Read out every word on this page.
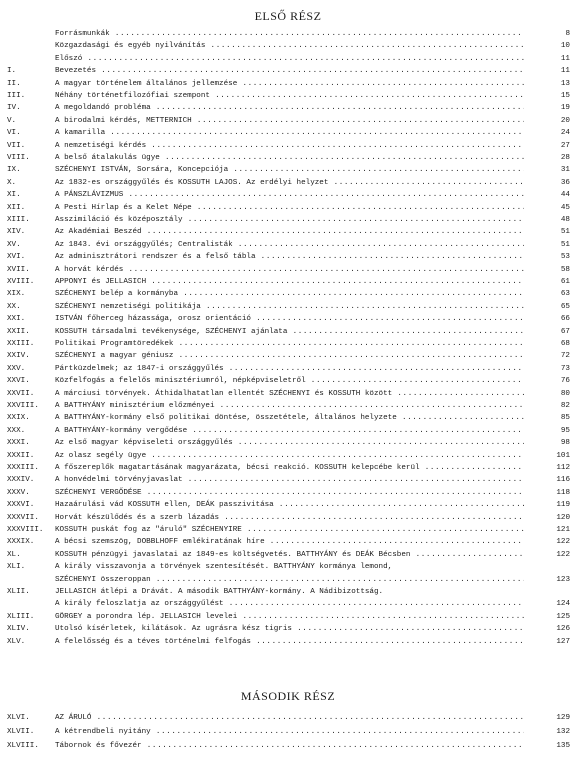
ELSŐ RÉSZ
Forrásmunkák .....	8
Közgazdasági és egyéb nyilvánítás .....	10
Előszó .....	11
I.	Bevezetés .....	11
II.	A magyar történelem általános jellemzése .....	13
III.	Néhány történetfilozófiai szempont .....	15
IV.	A megoldandó probléma .....	19
V.	A birodalmi kérdés, METTERNICH .....	20
VI.	A kamarilla .....	24
VII.	A nemzetiségi kérdés .....	27
VIII.	A belső átalakulás ügye .....	28
IX.	SZÉCHENYI ISTVÁN, Sorsára, Koncepciója .....	31
X.	Az 1832-es országgyűlés és KOSSUTH LAJOS. Az erdélyi helyzet .....	36
XI.	A PÁNSZLÁVIZMUS .....	44
XII.	A Pesti Hírlap és a Kelet Népe .....	45
XIII.	Asszimiláció és középosztály .....	48
XIV.	Az Akadémiai Beszéd .....	51
XV.	Az 1843. évi országgyűlés; Centralisták .....	51
XVI.	Az adminisztrátori rendszer és a felső tábla .....	53
XVII.	A horvát kérdés .....	58
XVIII.	APPONYI és JELLASICH .....	61
XIX.	SZÉCHENYI belép a kormányba .....	63
XX.	SZÉCHENYI nemzetiségi politikája .....	65
XXI.	ISTVÁN főherceg házassága, orosz orientáció .....	66
XXII.	KOSSUTH társadalmi tevékenysége, SZÉCHENYI ajánlata .....	67
XXIII.	Politikai Programtöredékek .....	68
XXIV.	SZÉCHENYI a magyar géniusz .....	72
XXV.	Pártküzdelmek; az 1847-i országgyűlés .....	73
XXVI.	Közfelfogás a felelős minisztériumról, népképviseletről .....	76
XXVII.	A márciusi törvények. Áthidalhatatlan ellentét SZÉCHENYI és KOSSUTH között .....	80
XXVIII. A BATTHYÁNY minisztérium előzményei .....	82
XXIX.	A BATTHYÁNY-kormány első politikai döntése, összetétele, általános helyzete .....	85
XXX.	A BATTHYÁNY-kormány vergődése .....	95
XXXI.	Az első magyar képviseleti országgyűlés .....	98
XXXII.	Az olasz segély ügye .....	101
XXXIII. A főszereplők magatartásának magyarázata, bécsi reakció. KOSSUTH kelepcébe kerül .....	112
XXXIV.	A honvédelmi törvényjavaslat .....	116
XXXV.	SZÉCHENYI VERGŐDÉSE .....	118
XXXVI.	Hazaárulási vád KOSSUTH ellen, DEÁK passzivitása .....	119
XXXVII. Horvát készülődés és a szerb lázadás .....	120
XXXVIII. KOSSUTH puskát fog az "áruló" SZÉCHENYIRE .....	121
XXXIX.	A bécsi szemszög, DOBBLHOFF emlékiratának híre .....	122
XL.	KOSSUTH pénzügyi javaslatai az 1849-es költségvetés. BATTHYÁNY és DEÁK Bécsben .....	122
XLI.	A király visszavonja a törvények szentesítését. BATTHYÁNY kormánya lemond,
SZÉCHENYI összeroppan .....	123
XLII.	JELLASICH átlépi a Drávát. A második BATTHYÁNY-kormány. A Nádibizottság.
A király feloszlatja az országgyűlést .....	124
XLIII.	GÖRGEY a porondra lép. JELLASICH levelei .....	125
XLIV.	Utolsó kísérletek, kilátások. Az ugrásra kész tigris .....	126
XLV.	A felelősség és a téves történelmi felfogás .....	127
MÁSODIK RÉSZ
XLVI.	AZ ÁRULÓ .....	129
XLVII.	A kétrendbeli nyitány .....	132
XLVIII. Tábornok és fővezér .....	135
